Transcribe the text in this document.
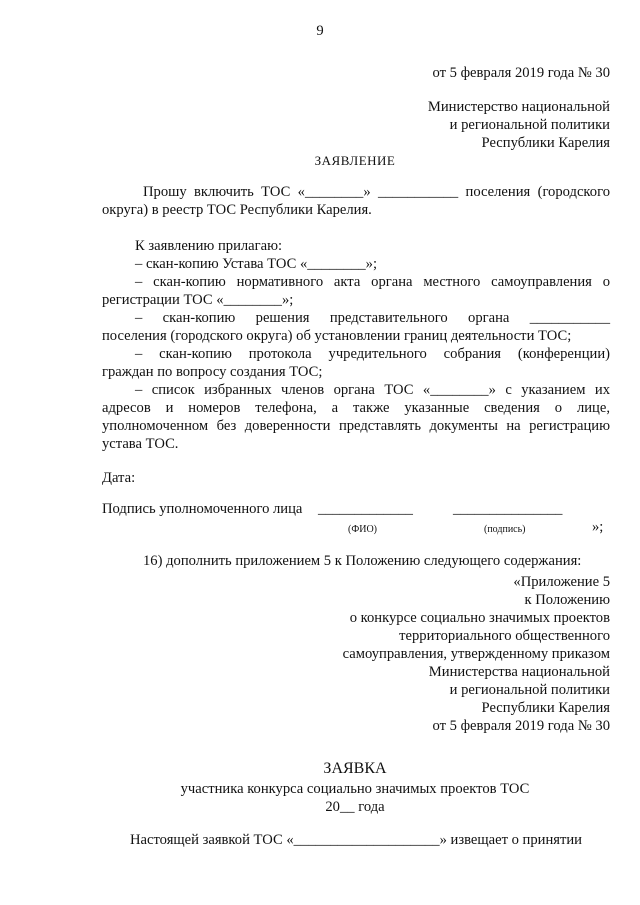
9
от 5 февраля 2019 года № 30
Министерство национальной
и региональной политики
Республики Карелия
ЗАЯВЛЕНИЕ
Прошу включить ТОС «________» ___________ поселения (городского
округа) в реестр ТОС Республики Карелия.
К заявлению прилагаю:
– скан-копию Устава ТОС «________»;
– скан-копию нормативного акта органа местного самоуправления о
регистрации ТОС «________»;
– скан-копию решения представительного органа ___________
поселения (городского округа) об установлении границ деятельности ТОС;
– скан-копию протокола учредительного собрания (конференции)
граждан по вопросу создания ТОС;
– список избранных членов органа ТОС «________» с указанием их
адресов и номеров телефона, а также указанные сведения о лице,
уполномоченном без доверенности представлять документы на регистрацию
устава ТОС.
Дата:
Подпись уполномоченного лица _____________	_______________
(ФИО)	(подпись)	»;
16) дополнить приложением 5 к Положению следующего содержания:
«Приложение 5
к Положению
о конкурсе социально значимых проектов
территориального общественного
самоуправления, утвержденному приказом
Министерства национальной
и региональной политики
Республики Карелия
от 5 февраля 2019 года № 30
ЗАЯВКА
участника конкурса социально значимых проектов ТОС
20__ года
Настоящей заявкой ТОС «____________________» извещает о принятии
